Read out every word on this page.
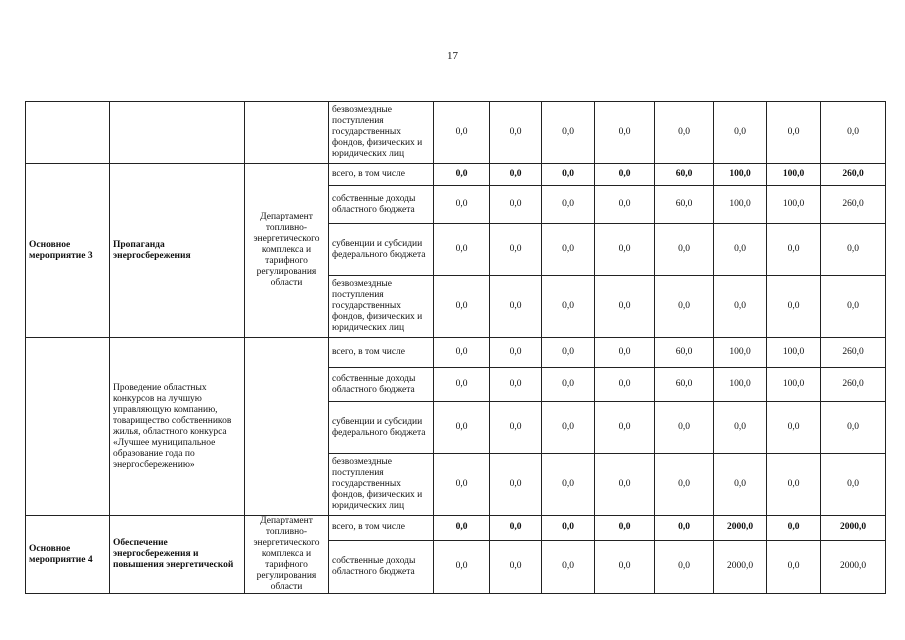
17
			безвозмездные поступления государственных фондов, физических и юридических лиц	0,0	0,0	0,0	0,0	0,0	0,0	0,0	0,0
Основное мероприятие 3	Пропаганда энергосбережения	Департамент топливно-энергетического комплекса и тарифного регулирования области	всего, в том числе	0,0	0,0	0,0	0,0	60,0	100,0	100,0	260,0
			собственные доходы областного бюджета	0,0	0,0	0,0	0,0	60,0	100,0	100,0	260,0
			субвенции и субсидии федерального бюджета	0,0	0,0	0,0	0,0	0,0	0,0	0,0	0,0
			безвозмездные поступления государственных фондов, физических и юридических лиц	0,0	0,0	0,0	0,0	0,0	0,0	0,0	0,0
	Проведение областных конкурсов на лучшую управляющую компанию, товарищество собственников жилья, областного конкурса «Лучшее муниципальное образование года по энергосбережению»		всего, в том числе	0,0	0,0	0,0	0,0	60,0	100,0	100,0	260,0
			собственные доходы областного бюджета	0,0	0,0	0,0	0,0	60,0	100,0	100,0	260,0
			субвенции и субсидии федерального бюджета	0,0	0,0	0,0	0,0	0,0	0,0	0,0	0,0
			безвозмездные поступления государственных фондов, физических и юридических лиц	0,0	0,0	0,0	0,0	0,0	0,0	0,0	0,0
Основное мероприятие 4	Обеспечение энергосбережения и повышения энергетической	Департамент топливно-энергетического комплекса и тарифного регулирования области	всего, в том числе	0,0	0,0	0,0	0,0	0,0	2000,0	0,0	2000,0
			собственные доходы областного бюджета	0,0	0,0	0,0	0,0	0,0	2000,0	0,0	2000,0
